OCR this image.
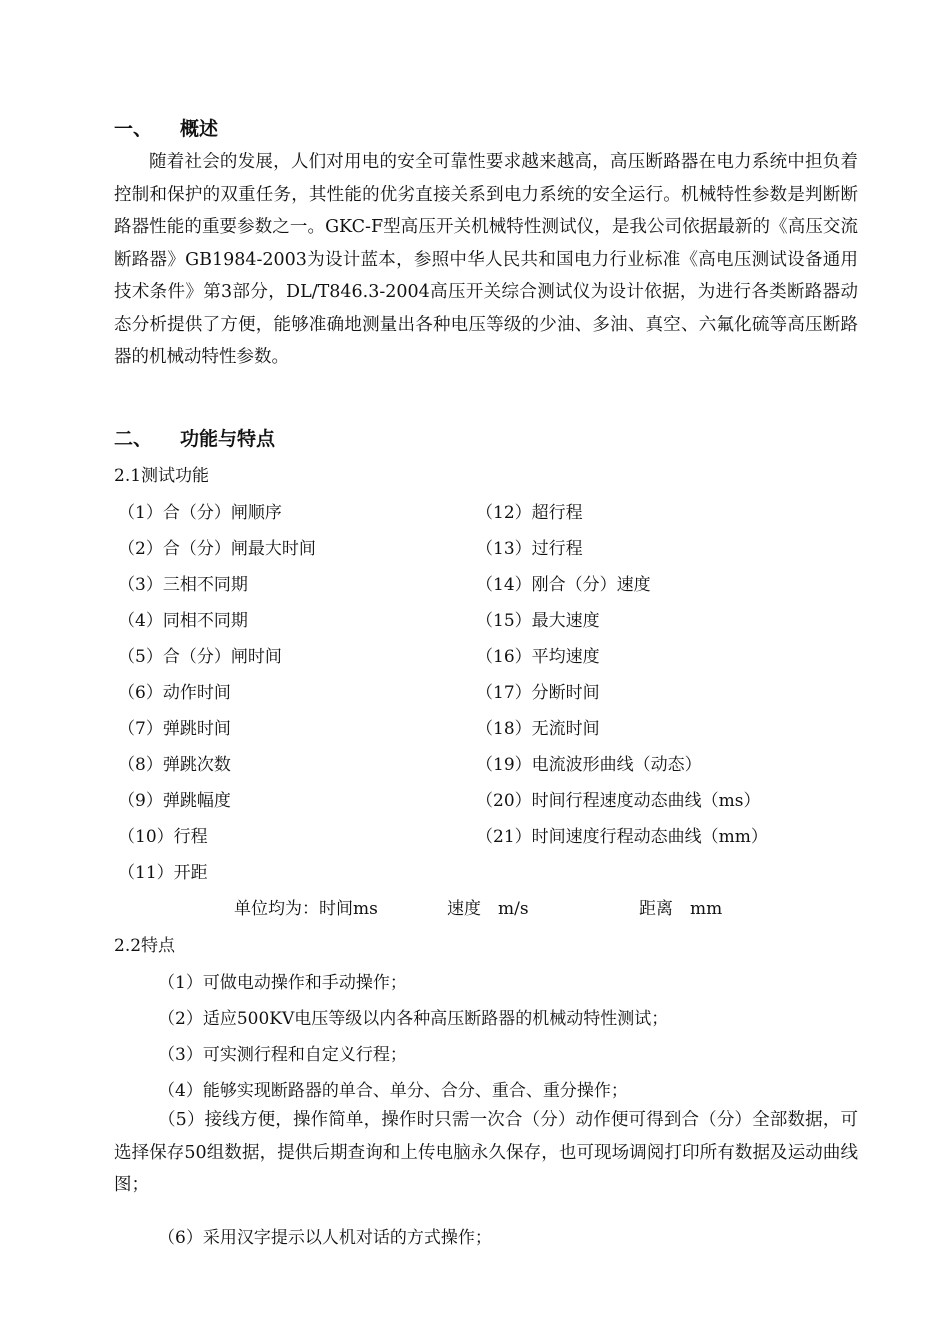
一、 概述

随着社会的发展，人们对用电的安全可靠性要求越来越高，高压断路器在电力系统中担负着控制和保护的双重任务，其性能的优劣直接关系到电力系统的安全运行。机械特性参数是判断断路器性能的重要参数之一。GKC-F型高压开关机械特性测试仪，是我公司依据最新的《高压交流断路器》GB1984-2003为设计蓝本，参照中华人民共和国电力行业标准《高电压测试设备通用技术条件》第3部分，DL/T846.3-2004高压开关综合测试仪为设计依据，为进行各类断路器动态分析提供了方便，能够准确地测量出各种电压等级的少油、多油、真空、六氟化硫等高压断路器的机械动特性参数。

二、 功能与特点
2.1测试功能
（1）合（分）闸顺序
（2）合（分）闸最大时间
（3）三相不同期
（4）同相不同期
（5）合（分）闸时间
（6）动作时间
（7）弹跳时间
（8）弹跳次数
（9）弹跳幅度
（10）行程
（11）开距
（12）超行程
（13）过行程
（14）刚合（分）速度
（15）最大速度
（16）平均速度
（17）分断时间
（18）无流时间
（19）电流波形曲线（动态）
（20）时间行程速度动态曲线（ms）
（21）时间速度行程动态曲线（mm）
单位均为：时间ms	速度　m/s	距离　mm
2.2特点
（1）可做电动操作和手动操作；
（2）适应500KV电压等级以内各种高压断路器的机械动特性测试；
（3）可实测行程和自定义行程；
（4）能够实现断路器的单合、单分、合分、重合、重分操作；

（5）接线方便，操作简单，操作时只需一次合（分）动作便可得到合（分）全部数据，可选择保存50组数据，提供后期查询和上传电脑永久保存，也可现场调阅打印所有数据及运动曲线图；

（6）采用汉字提示以人机对话的方式操作；
